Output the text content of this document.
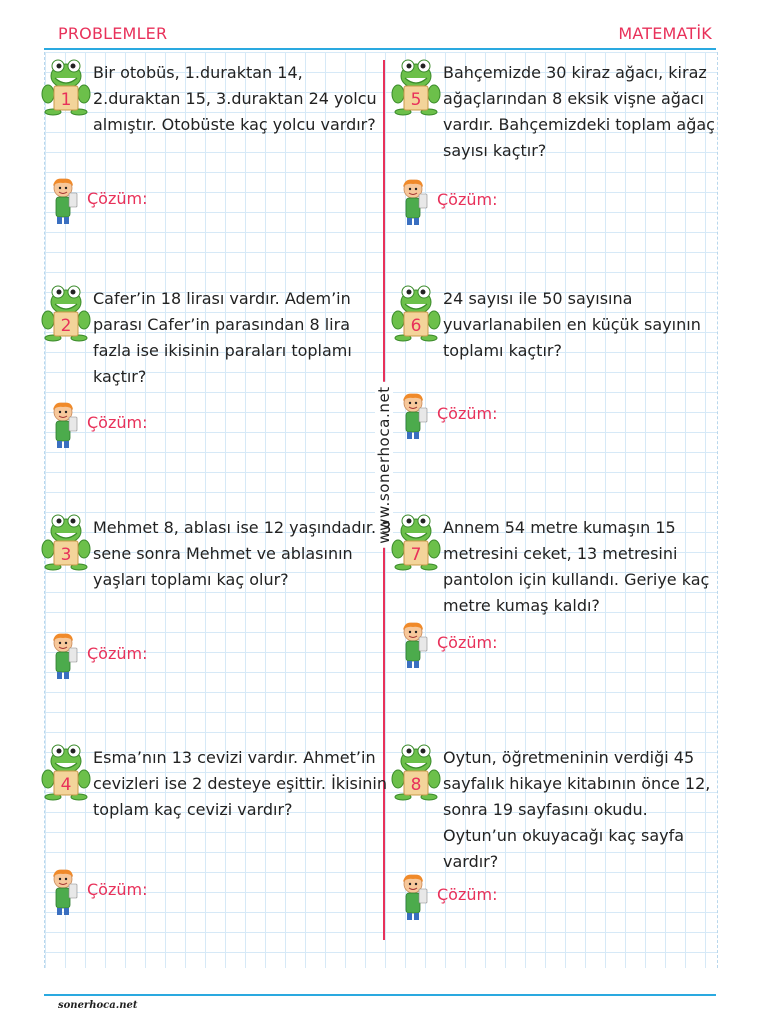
PROBLEMLER	MATEMATİK
www.sonerhoca.net
1

Bir otobüs, 1.duraktan 14, 2.duraktan 15, 3.duraktan 24 yolcu almıştır. Otobüste kaç yolcu vardır?

Çözüm:
2

Cafer’in 18 lirası vardır. Adem’in parası Cafer’in parasından 8 lira fazla ise ikisinin paraları toplamı kaçtır?

Çözüm:
3

Mehmet 8, ablası ise 12 yaşındadır. 3 sene sonra Mehmet ve ablasının yaşları toplamı kaç olur?

Çözüm:
4

Esma’nın 13 cevizi vardır. Ahmet’in cevizleri ise 2 desteye eşittir. İkisinin toplam kaç cevizi vardır?

Çözüm:
5

Bahçemizde 30 kiraz ağacı, kiraz ağaçlarından 8 eksik vişne ağacı vardır. Bahçemizdeki toplam ağaç sayısı kaçtır?

Çözüm:
6

24 sayısı ile 50 sayısına yuvarlanabilen en küçük sayının toplamı kaçtır?

Çözüm:
7

Annem 54 metre kumaşın 15 metresini ceket, 13 metresini pantolon için kullandı. Geriye kaç metre kumaş kaldı?

Çözüm:
8

Oytun, öğretmeninin verdiği 45 sayfalık hikaye kitabının önce 12, sonra 19 sayfasını okudu. Oytun’un okuyacağı kaç sayfa vardır?

Çözüm:
sonerhoca.net
